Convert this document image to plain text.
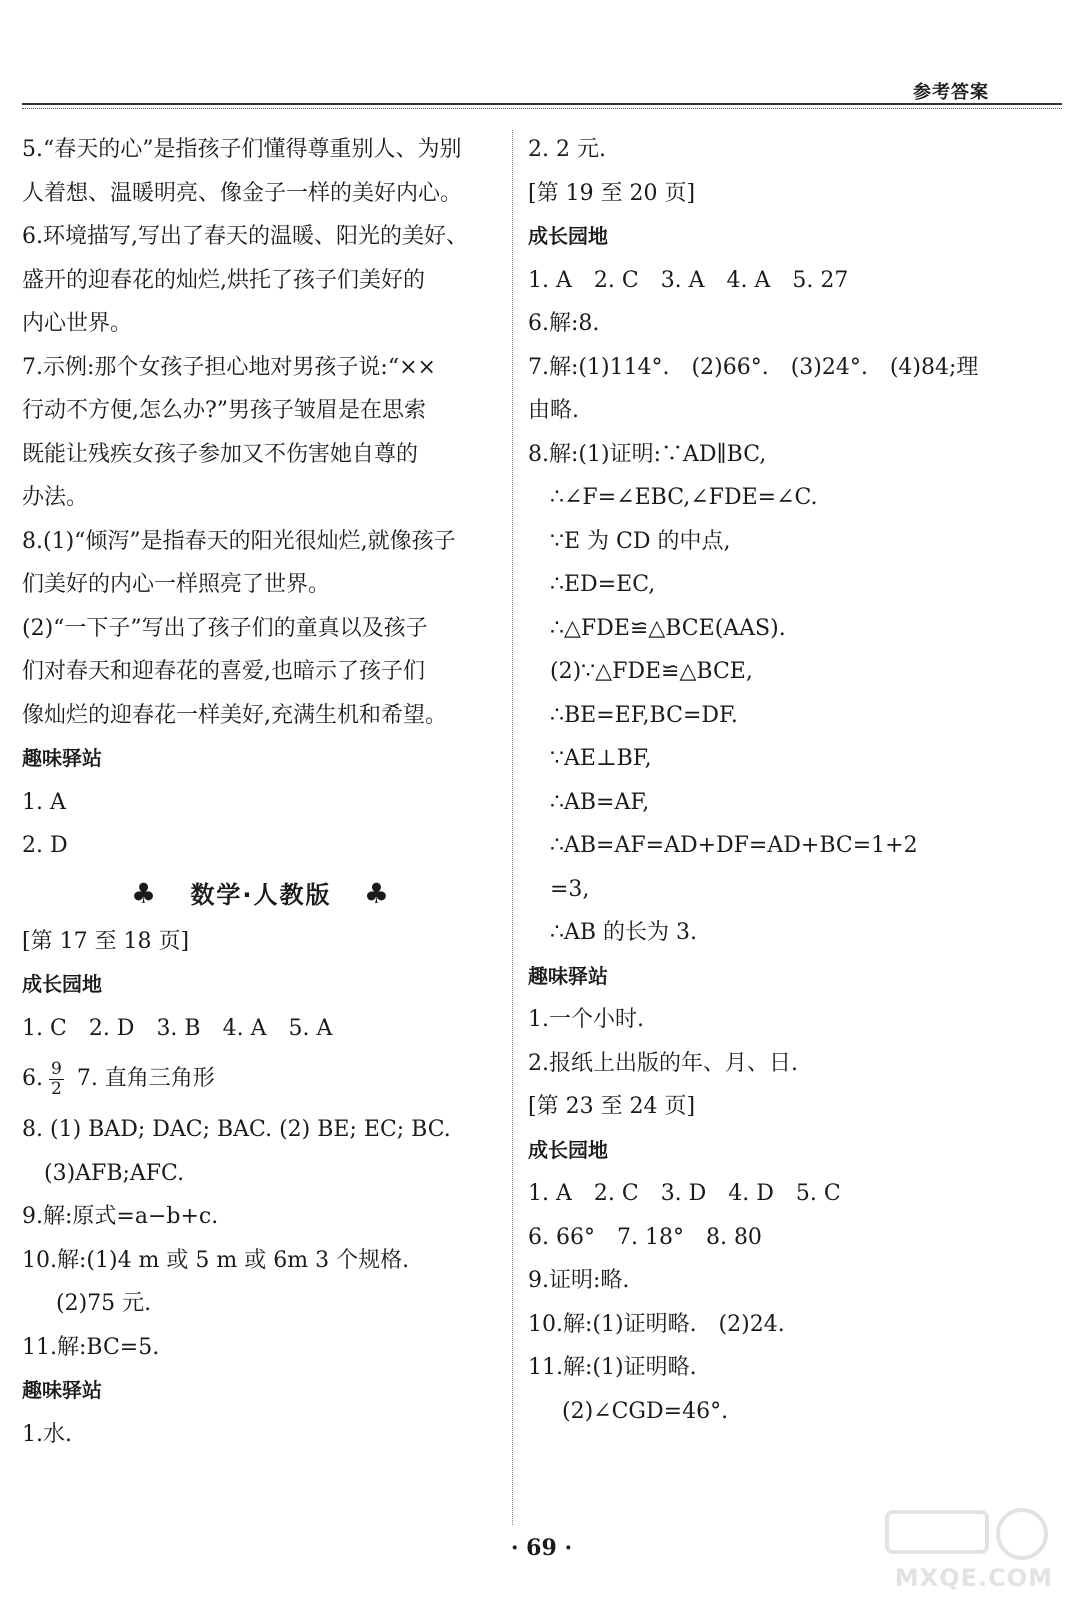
参考答案
5.“春天的心”是指孩子们懂得尊重别人、为别
人着想、温暖明亮、像金子一样的美好内心。
6.环境描写,写出了春天的温暖、阳光的美好、
盛开的迎春花的灿烂,烘托了孩子们美好的
内心世界。
7.示例:那个女孩子担心地对男孩子说:“××
行动不方便,怎么办?”男孩子皱眉是在思索
既能让残疾女孩子参加又不伤害她自尊的
办法。
8.(1)“倾泻”是指春天的阳光很灿烂,就像孩子
们美好的内心一样照亮了世界。
(2)“一下子”写出了孩子们的童真以及孩子
们对春天和迎春花的喜爱,也暗示了孩子们
像灿烂的迎春花一样美好,充满生机和希望。
趣味驿站
1. A
2. D
♣ 数学·人教版 ♣
[第 17 至 18 页]
成长园地
1. C　2. D　3. B　4. A　5. A
6. $\frac{9}{2} 7$. 直角三角形
8. (1) BAD; DAC; BAC. (2) BE; EC; BC.
(3)AFB;AFC.
9.解:原式=a−b+c.
10.解:(1)4 m 或 5 m 或 6m 3 个规格.
(2)75 元.
11.解:BC=5.
趣味驿站
1.水.
2. 2 元.
[第 19 至 20 页]
成长园地
1. A　2. C　3. A　4. A　5. 27
6.解:8.
7.解:(1)114°.　(2)66°.　(3)24°.　(4)84;理
由略.
8.解:(1)证明:∵AD∥BC,
∴∠F=∠EBC,∠FDE=∠C.
∵E 为 CD 的中点,
∴ED=EC,
∴△FDE≌△BCE(AAS).
(2)∵△FDE≌△BCE,
∴BE=EF,BC=DF.
∵AE⊥BF,
∴AB=AF,
∴AB=AF=AD+DF=AD+BC=1+2
=3,
∴AB 的长为 3.
趣味驿站
1.一个小时.
2.报纸上出版的年、月、日.
[第 23 至 24 页]
成长园地
1. A　2. C　3. D　4. D　5. C
6. 66°　7. 18°　8. 80
9.证明:略.
10.解:(1)证明略.　(2)24.
11.解:(1)证明略.
(2)∠CGD=46°.
· 69 ·
MXQE.COM
